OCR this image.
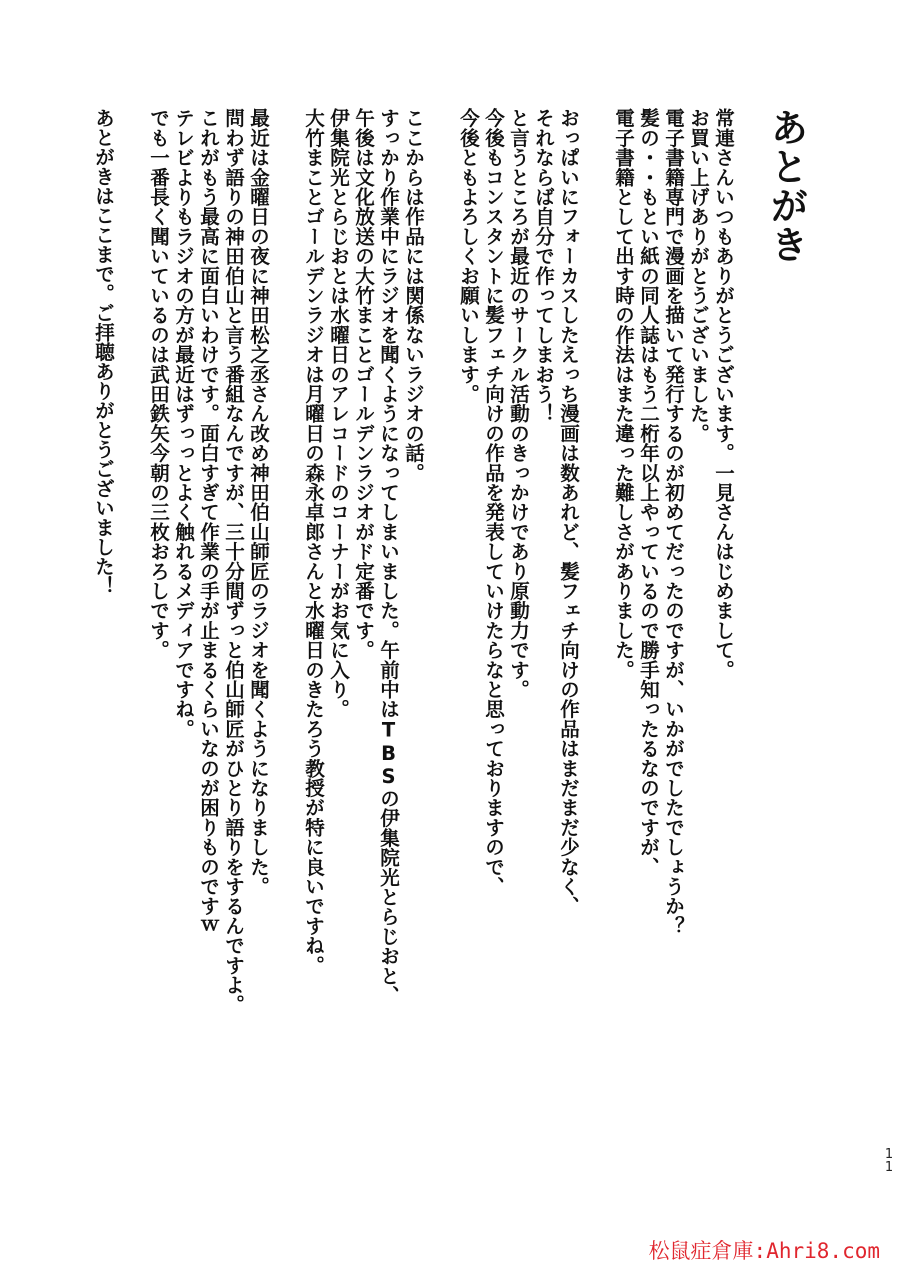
あとがき

常連さんいつもありがとうございます。一見さんはじめまして。
お買い上げありがとうございました。
電子書籍専門で漫画を描いて発行するのが初めてだったのですが、いかがでしたでしょうか？
髪の・・もとい紙の同人誌はもう二桁年以上やっているので勝手知ったるなのですが、
電子書籍として出す時の作法はまた違った難しさがありました。

おっぱいにフォーカスしたえっち漫画は数あれど、髪フェチ向けの作品はまだまだ少なく、
それならば自分で作ってしまおう！
と言うところが最近のサークル活動のきっかけであり原動力です。
今後もコンスタントに髪フェチ向けの作品を発表していけたらなと思っておりますので、
今後ともよろしくお願いします。

ここからは作品には関係ないラジオの話。
すっかり作業中にラジオを聞くようになってしまいました。午前中はTBSの伊集院光とらじおと、
午後は文化放送の大竹まことゴールデンラジオがド定番です。
伊集院光とらじおとは水曜日のアレコードのコーナーがお気に入り。
大竹まことゴールデンラジオは月曜日の森永卓郎さんと水曜日のきたろう教授が特に良いですね。

最近は金曜日の夜に神田松之丞さん改め神田伯山師匠のラジオを聞くようになりました。
問わず語りの神田伯山と言う番組なんですが、三十分間ずっと伯山師匠がひとり語りをするんですよ。
これがもう最高に面白いわけです。面白すぎて作業の手が止まるくらいなのが困りものですｗ
テレビよりもラジオの方が最近はずっっとよく触れるメディアですね。
でも一番長く聞いているのは武田鉄矢今朝の三枚おろしです。

あとがきはここまで。ご拝聴ありがとうございました！

1
1
松鼠症倉庫:Ahri8.com
